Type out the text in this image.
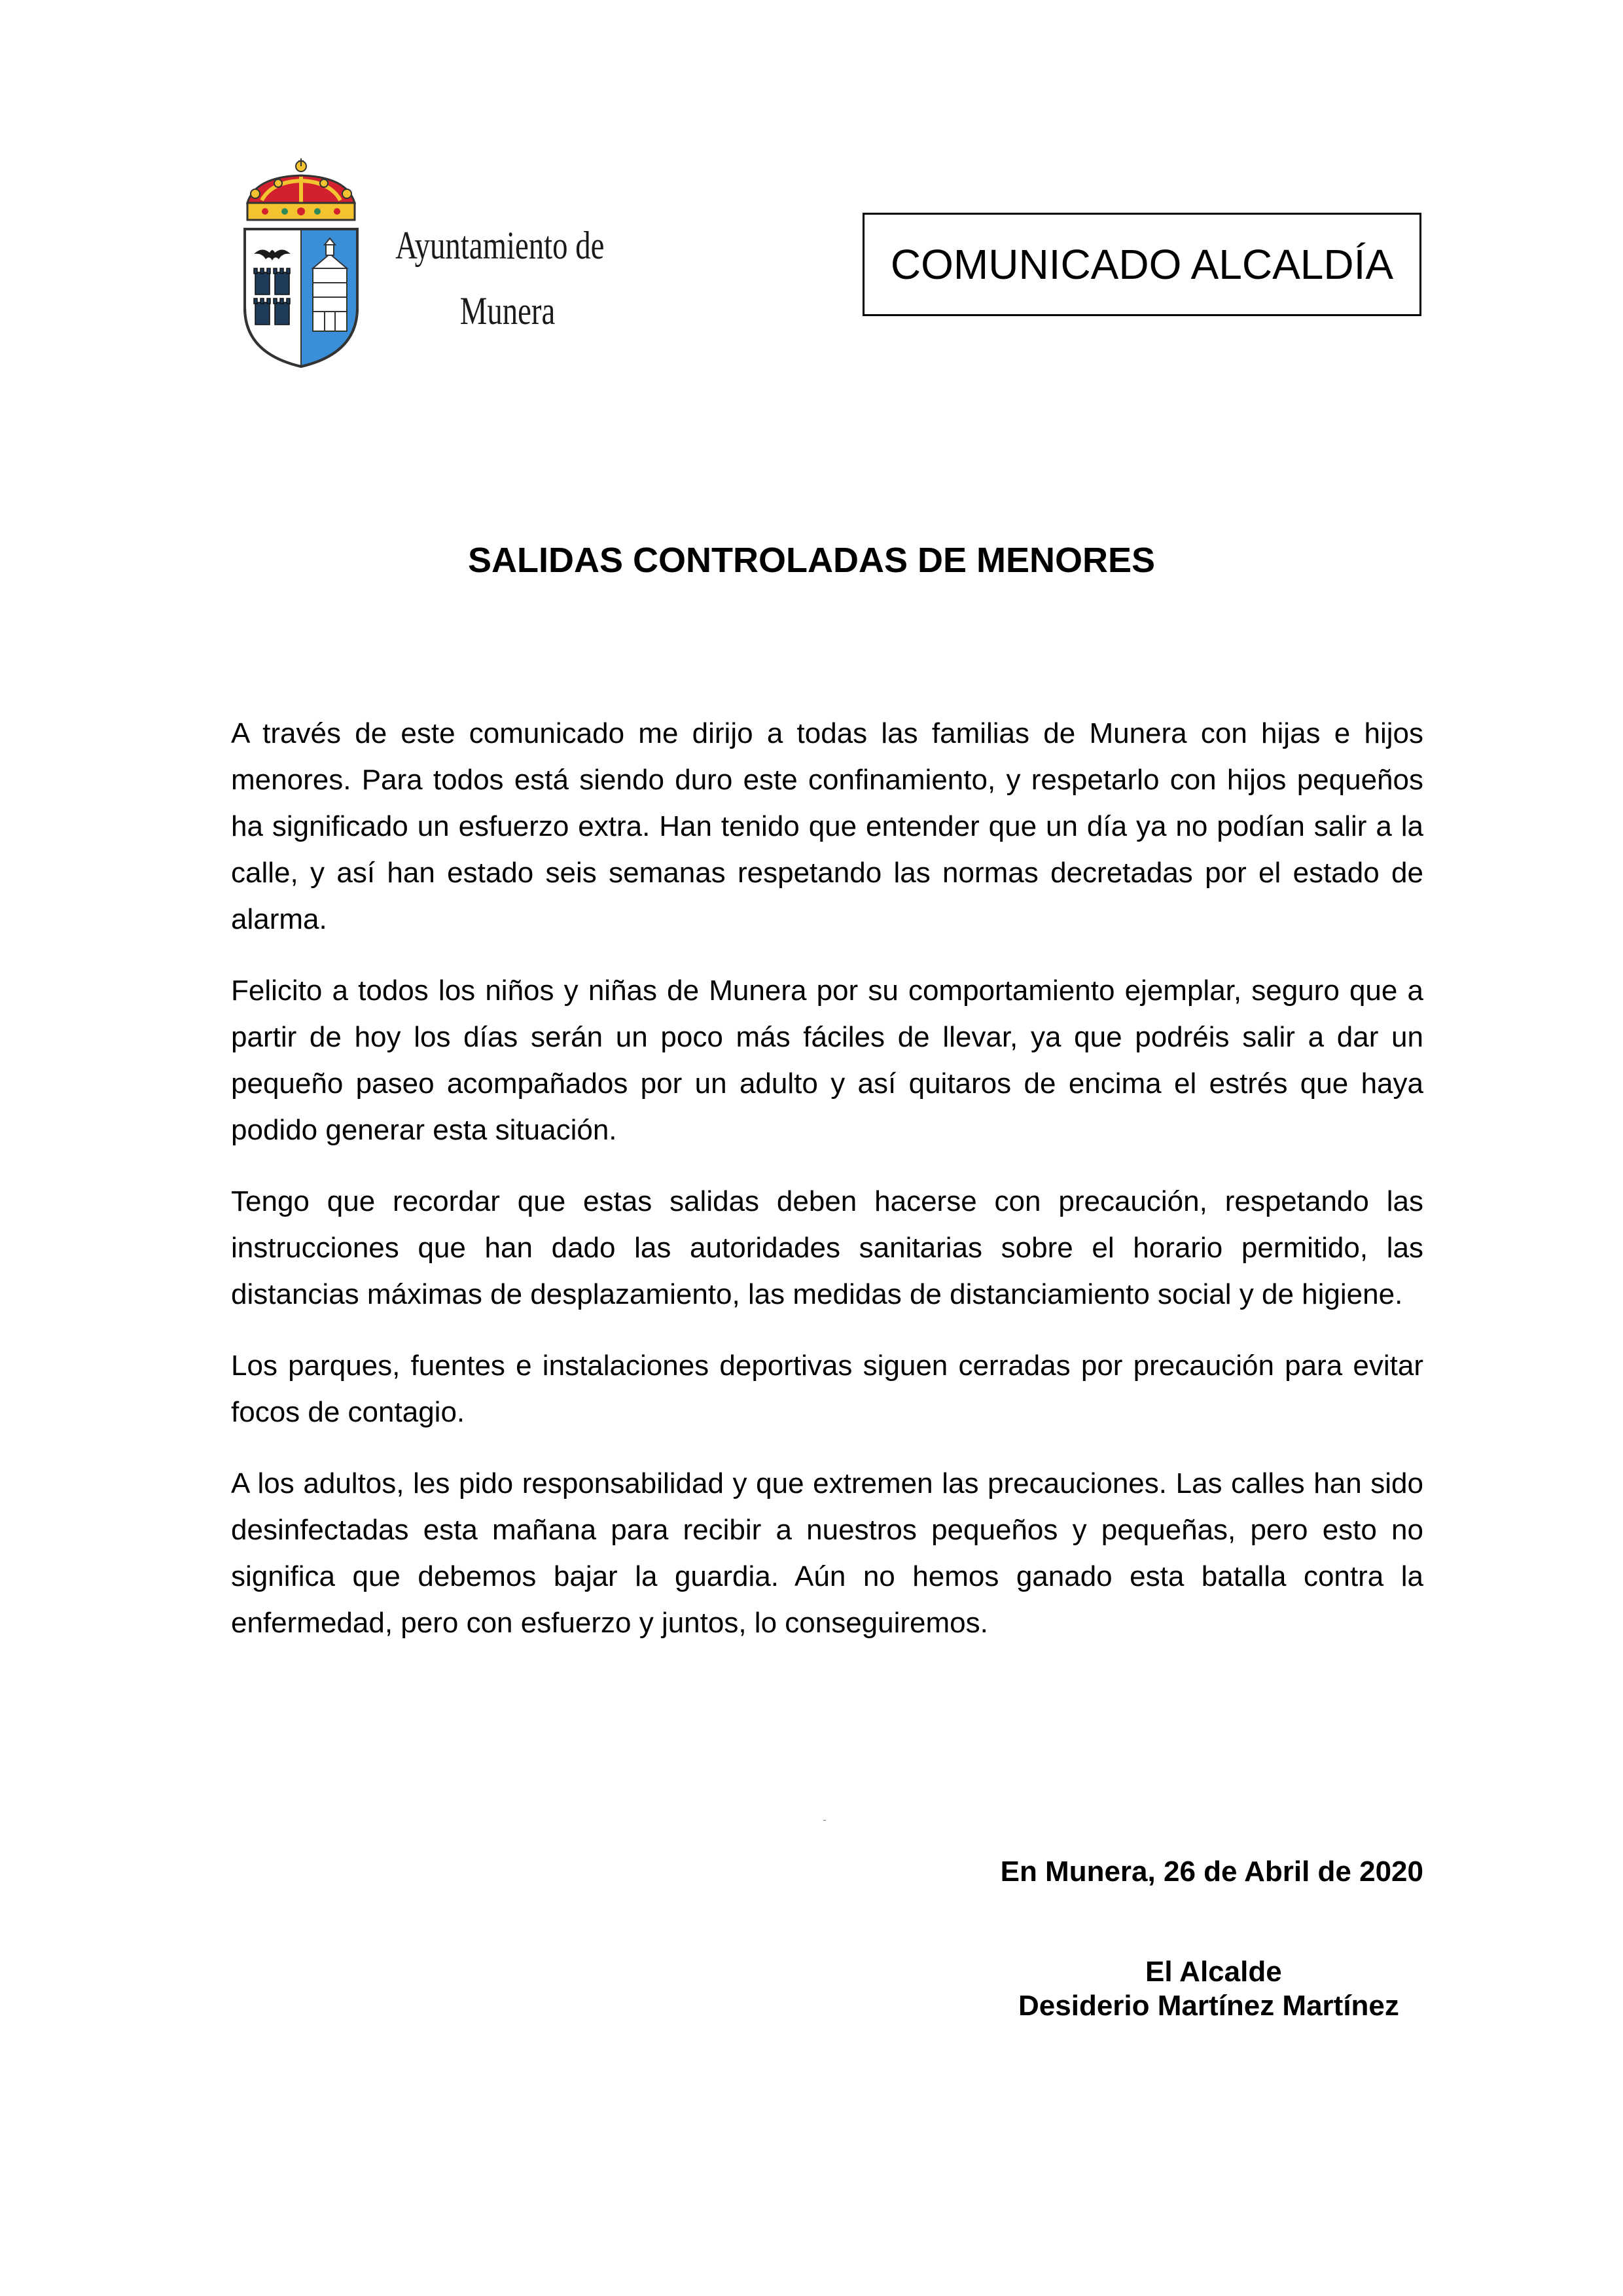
Ayuntamiento de
Munera
COMUNICADO ALCALDÍA
SALIDAS CONTROLADAS DE MENORES

A través de este comunicado me dirijo a todas las familias de Munera con hijas e hijos menores. Para todos está siendo duro este confinamiento, y respetarlo con hijos pequeños ha significado un esfuerzo extra. Han tenido que entender que un día ya no podían salir a la calle, y así han estado seis semanas respetando las normas decretadas por el estado de alarma.

Felicito a todos los niños y niñas de Munera por su comportamiento ejemplar, seguro que a partir de hoy los días serán un poco más fáciles de llevar, ya que podréis salir a dar un pequeño paseo acompañados por un adulto y así quitaros de encima el estrés que haya podido generar esta situación.

Tengo que recordar que estas salidas deben hacerse con precaución, respetando las instrucciones que han dado las autoridades sanitarias sobre el horario permitido, las distancias máximas de desplazamiento, las medidas de distanciamiento social y de higiene.

Los parques, fuentes e instalaciones deportivas siguen cerradas por precaución para evitar focos de contagio.

A los adultos, les pido responsabilidad y que extremen las precauciones. Las calles han sido desinfectadas esta mañana para recibir a nuestros pequeños y pequeñas, pero esto no significa que debemos bajar la guardia. Aún no hemos ganado esta batalla contra la enfermedad, pero con esfuerzo y juntos, lo conseguiremos.

˜
En Munera, 26 de Abril de 2020
El Alcalde
Desiderio Martínez Martínez
